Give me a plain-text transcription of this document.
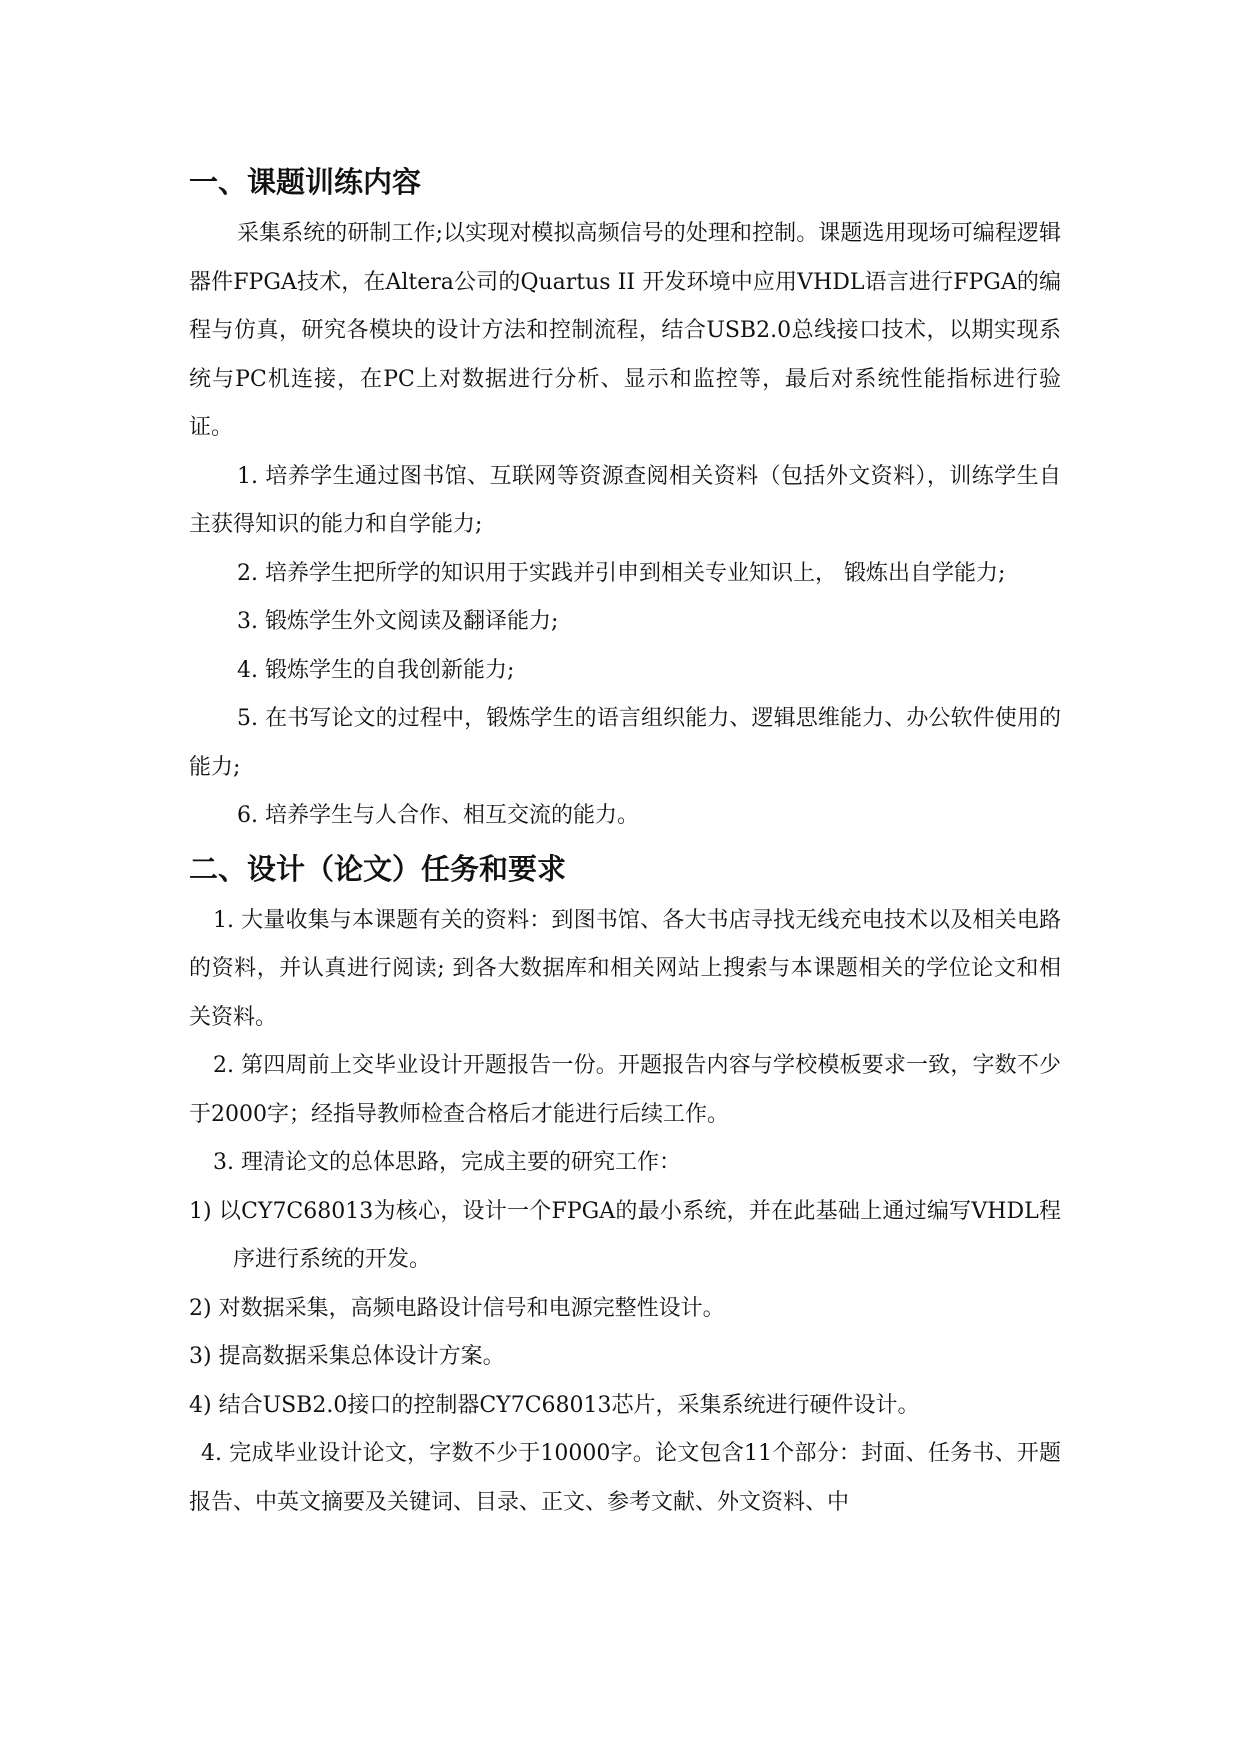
一、课题训练内容

采集系统的研制工作;以实现对模拟高频信号的处理和控制。课题选用现场可编程逻辑器件FPGA技术，在Altera公司的Quartus II 开发环境中应用VHDL语言进行FPGA的编程与仿真，研究各模块的设计方法和控制流程，结合USB2.0总线接口技术，以期实现系统与PC机连接，在PC上对数据进行分析、显示和监控等，最后对系统性能指标进行验证。

1. 培养学生通过图书馆、互联网等资源查阅相关资料（包括外文资料），训练学生自主获得知识的能力和自学能力;

2. 培养学生把所学的知识用于实践并引申到相关专业知识上， 锻炼出自学能力;

3. 锻炼学生外文阅读及翻译能力;

4. 锻炼学生的自我创新能力;

5. 在书写论文的过程中，锻炼学生的语言组织能力、逻辑思维能力、办公软件使用的能力;

6. 培养学生与人合作、相互交流的能力。

二、设计（论文）任务和要求

1. 大量收集与本课题有关的资料：到图书馆、各大书店寻找无线充电技术以及相关电路的资料，并认真进行阅读; 到各大数据库和相关网站上搜索与本课题相关的学位论文和相关资料。

2. 第四周前上交毕业设计开题报告一份。开题报告内容与学校模板要求一致，字数不少于2000字；经指导教师检查合格后才能进行后续工作。

3. 理清论文的总体思路，完成主要的研究工作：

1) 以CY7C68013为核心，设计一个FPGA的最小系统，并在此基础上通过编写VHDL程序进行系统的开发。

2) 对数据采集，高频电路设计信号和电源完整性设计。

3) 提高数据采集总体设计方案。

4) 结合USB2.0接口的控制器CY7C68013芯片，采集系统进行硬件设计。

4. 完成毕业设计论文，字数不少于10000字。论文包含11个部分：封面、任务书、开题报告、中英文摘要及关键词、目录、正文、参考文献、外文资料、中
